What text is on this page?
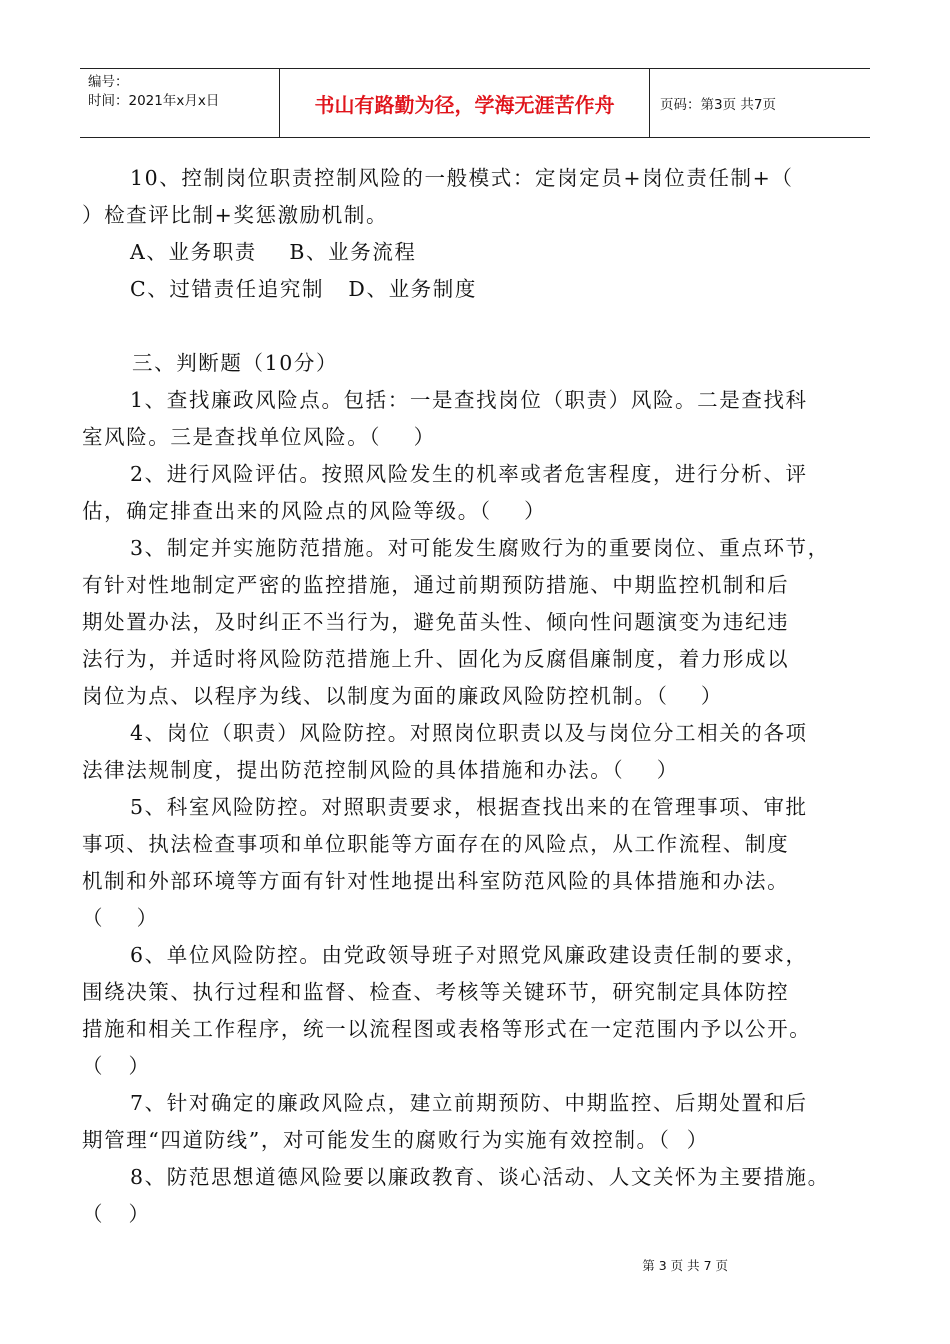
编号：
时间：2021年x月x日	书山有路勤为径，学海无涯苦作舟	页码：第3页 共7页
10、控制岗位职责控制风险的一般模式：定岗定员+岗位责任制+（
）检查评比制+奖惩激励机制。
A、业务职责    B、业务流程
C、过错责任追究制   D、业务制度
三、判断题（10分）
1、查找廉政风险点。包括：一是查找岗位（职责）风险。二是查找科
室风险。三是查找单位风险。（    ）
2、进行风险评估。按照风险发生的机率或者危害程度，进行分析、评
估，确定排查出来的风险点的风险等级。（    ）
3、制定并实施防范措施。对可能发生腐败行为的重要岗位、重点环节，
有针对性地制定严密的监控措施，通过前期预防措施、中期监控机制和后
期处置办法，及时纠正不当行为，避免苗头性、倾向性问题演变为违纪违
法行为，并适时将风险防范措施上升、固化为反腐倡廉制度，着力形成以
岗位为点、以程序为线、以制度为面的廉政风险防控机制。（    ）
4、岗位（职责）风险防控。对照岗位职责以及与岗位分工相关的各项
法律法规制度，提出防范控制风险的具体措施和办法。（    ）
5、科室风险防控。对照职责要求，根据查找出来的在管理事项、审批
事项、执法检查事项和单位职能等方面存在的风险点，从工作流程、制度
机制和外部环境等方面有针对性地提出科室防范风险的具体措施和办法。
（    ）
6、单位风险防控。由党政领导班子对照党风廉政建设责任制的要求，
围绕决策、执行过程和监督、检查、考核等关键环节，研究制定具体防控
措施和相关工作程序，统一以流程图或表格等形式在一定范围内予以公开。
（   ）
7、针对确定的廉政风险点，建立前期预防、中期监控、后期处置和后
期管理“四道防线”，对可能发生的腐败行为实施有效控制。（  ）
8、防范思想道德风险要以廉政教育、谈心活动、人文关怀为主要措施。
（   ）
第 3 页 共 7 页
